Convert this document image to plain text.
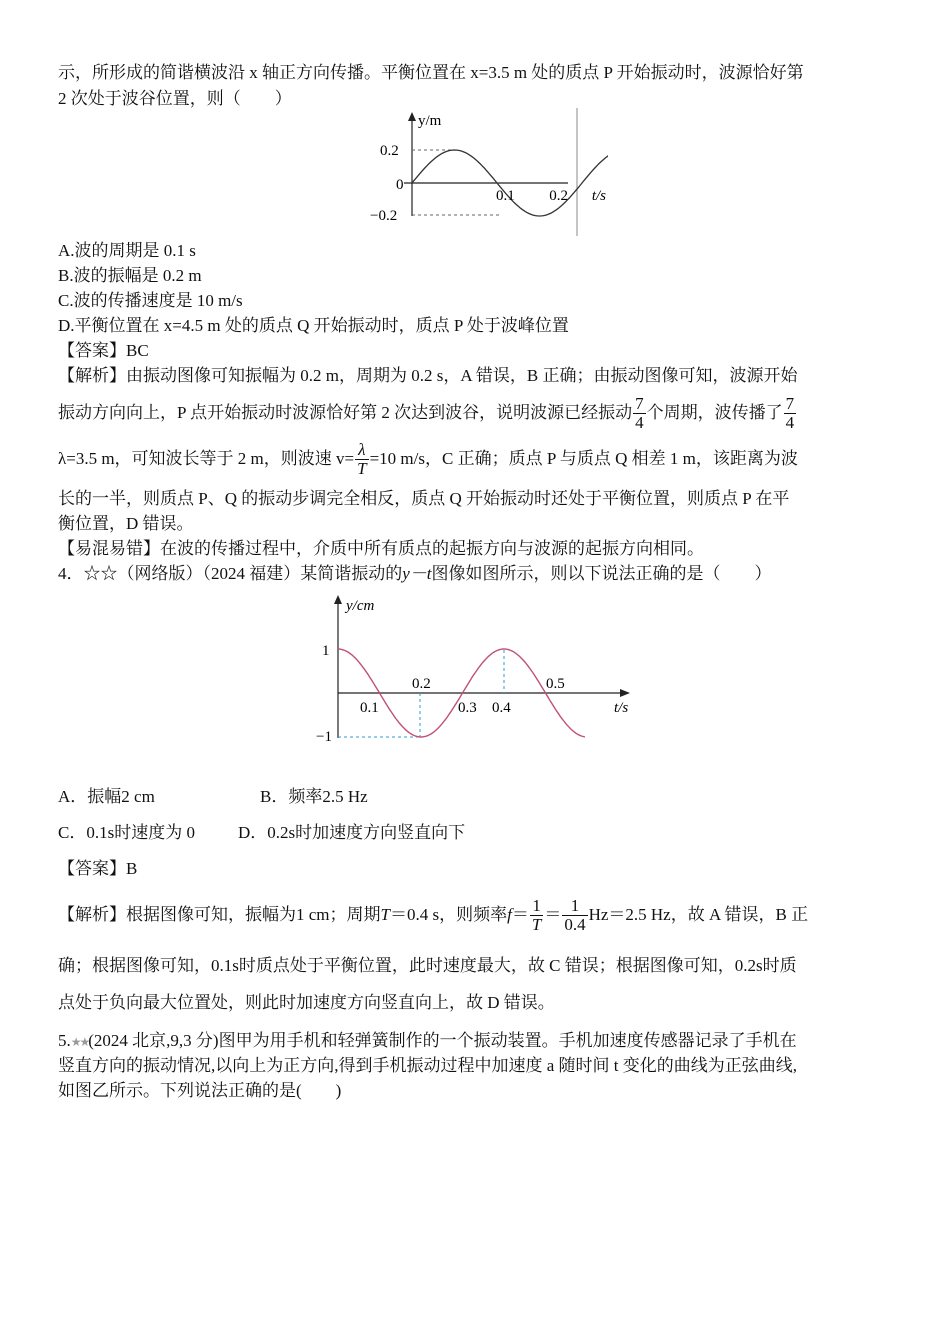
示，所形成的简谐横波沿 x 轴正方向传播。平衡位置在 x=3.5 m 处的质点 P 开始振动时，波源恰好第
2 次处于波谷位置，则（　　）
y/m
0.2
0
−0.2
0.1 0.2 t/s
A.波的周期是 0.1 s
B.波的振幅是 0.2 m
C.波的传播速度是 10 m/s
D.平衡位置在 x=4.5 m 处的质点 Q 开始振动时，质点 P 处于波峰位置
【答案】BC
【解析】由振动图像可知振幅为 0.2 m，周期为 0.2 s，A 错误，B 正确；由振动图像可知，波源开始
振动方向向上，P 点开始振动时波源恰好第 2 次达到波谷，说明波源已经振动 $\frac{7}{4}$ 个周期，波传播了 $\frac{7}{4}$
λ=3.5 m，可知波长等于 2 m，则波速 $v= \frac{\lambda}{T} =10$ m/s，C 正确；质点 P 与质点 Q 相差 1 m，该距离为波
长的一半，则质点 P、Q 的振动步调完全相反，质点 Q 开始振动时还处于平衡位置，则质点 P 在平
衡位置，D 错误。
【易混易错】在波的传播过程中，介质中所有质点的起振方向与波源的起振方向相同。
4．☆☆（网络版）（2024 福建）某简谐振动的y－t图像如图所示，则以下说法正确的是（　　）
y/cm
1
−1
0.1
0.2
0.3 0.4
0.5
t/s
A．振幅2 cm	B．频率2.5 Hz
C．0.1s时速度为 0	D．0.2s时加速度方向竖直向下
【答案】B
【解析】根据图像可知，振幅为1 cm；周期 T ＝0.4 s，则频率 $f = \frac{1}{T} = \frac{1}{0.4} Hz=2.5$ Hz，故 A 错误，B 正
确；根据图像可知，0.1s时质点处于平衡位置，此时速度最大，故 C 错误；根据图像可知，0.2s时质
点处于负向最大位置处，则此时加速度方向竖直向上，故 D 错误。
5.★★(2024 北京,9,3 分)图甲为用手机和轻弹簧制作的一个振动装置。手机加速度传感器记录了手机在
竖直方向的振动情况,以向上为正方向,得到手机振动过程中加速度 a 随时间 t 变化的曲线为正弦曲线,
如图乙所示。下列说法正确的是(　　)
